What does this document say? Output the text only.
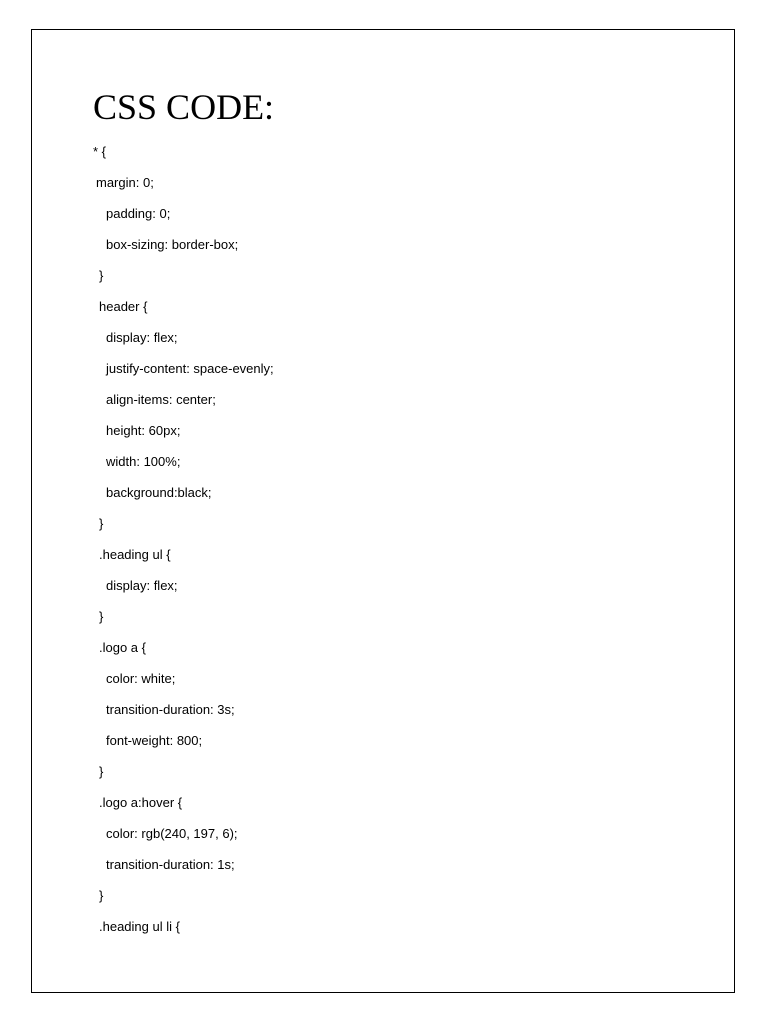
CSS CODE:

* {

margin: 0;

padding: 0;

box-sizing: border-box;

}

header {

display: flex;

justify-content: space-evenly;

align-items: center;

height: 60px;

width: 100%;

background:black;

}

.heading ul {

display: flex;

}

.logo a {

color: white;

transition-duration: 3s;

font-weight: 800;

}

.logo a:hover {

color: rgb(240, 197, 6);

transition-duration: 1s;

}

.heading ul li {
